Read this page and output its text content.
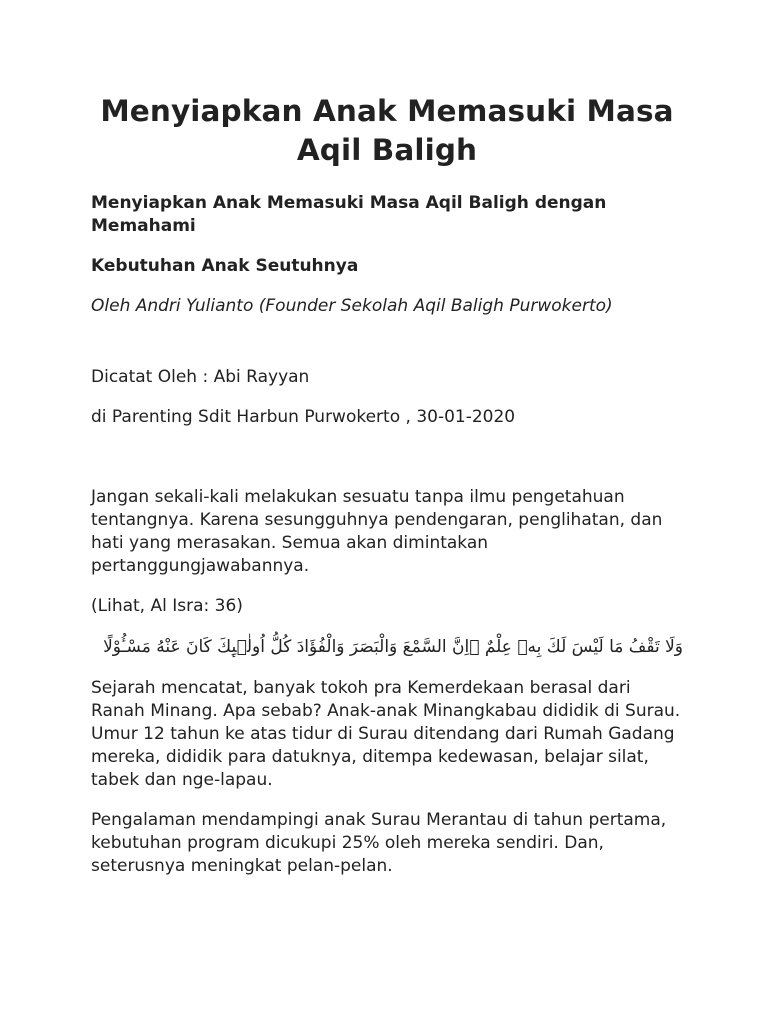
Menyiapkan Anak Memasuki Masa Aqil Baligh

Menyiapkan Anak Memasuki Masa Aqil Baligh dengan Memahami

Kebutuhan Anak Seutuhnya

Oleh Andri Yulianto (Founder Sekolah Aqil Baligh Purwokerto)

Dicatat Oleh : Abi Rayyan

di Parenting Sdit Harbun Purwokerto , 30-01-2020

Jangan sekali-kali melakukan sesuatu tanpa ilmu pengetahuan tentangnya. Karena sesungguhnya pendengaran, penglihatan, dan hati yang merasakan. Semua akan dimintakan pertanggungjawabannya.

(Lihat, Al Isra: 36)

وَلَا تَقْفُ مَا لَيْسَ لَكَ بِهٖ عِلْمٌ ۗاِنَّ السَّمْعَ وَالْبَصَرَ وَالْفُؤَادَ كُلُّ اُولٰۤىِٕكَ كَانَ عَنْهُ مَسْـُٔوْلًا

Sejarah mencatat, banyak tokoh pra Kemerdekaan berasal dari Ranah Minang. Apa sebab? Anak-anak Minangkabau dididik di Surau. Umur 12 tahun ke atas tidur di Surau ditendang dari Rumah Gadang mereka, dididik para datuknya, ditempa kedewasan, belajar silat, tabek dan nge-lapau.

Pengalaman mendampingi anak Surau Merantau di tahun pertama, kebutuhan program dicukupi 25% oleh mereka sendiri. Dan, seterusnya meningkat pelan-pelan.
